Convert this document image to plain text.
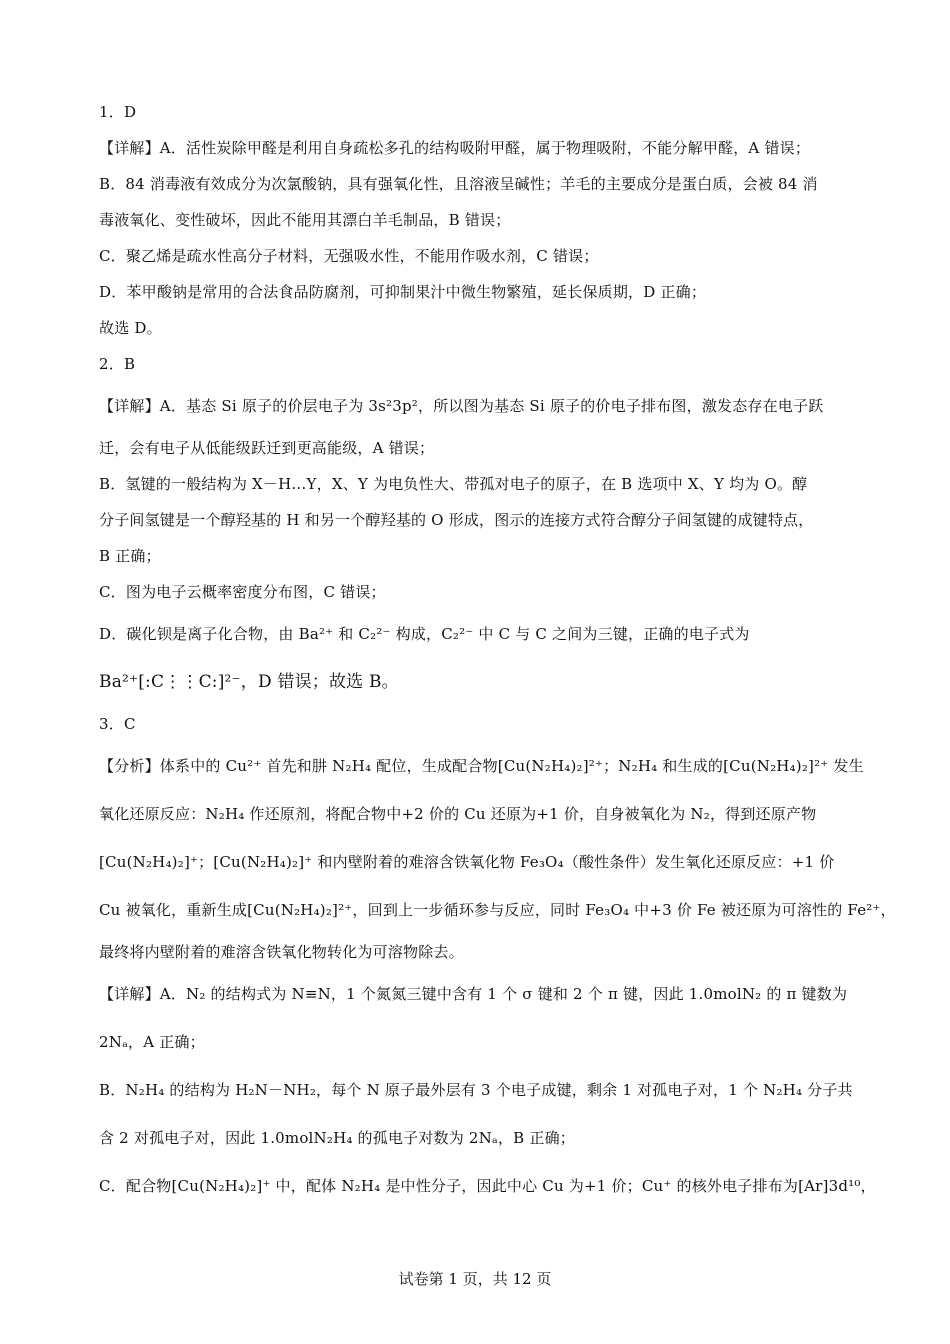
1．D
【详解】A．活性炭除甲醛是利用自身疏松多孔的结构吸附甲醛，属于物理吸附，不能分解甲醛，A 错误；
B．84 消毒液有效成分为次氯酸钠，具有强氧化性，且溶液呈碱性；羊毛的主要成分是蛋白质，会被 84 消
毒液氧化、变性破坏，因此不能用其漂白羊毛制品，B 错误；
C．聚乙烯是疏水性高分子材料，无强吸水性，不能用作吸水剂，C 错误；
D．苯甲酸钠是常用的合法食品防腐剂，可抑制果汁中微生物繁殖，延长保质期，D 正确；
故选 D。
2．B
【详解】A．基态 Si 原子的价层电子为 3s²3p²，所以图为基态 Si 原子的价电子排布图，激发态存在电子跃
迁，会有电子从低能级跃迁到更高能级，A 错误；
B．氢键的一般结构为 X－H…Y，X、Y 为电负性大、带孤对电子的原子，在 B 选项中 X、Y 均为 O。醇
分子间氢键是一个醇羟基的 H 和另一个醇羟基的 O 形成，图示的连接方式符合醇分子间氢键的成键特点，
B 正确；
C．图为电子云概率密度分布图，C 错误；
D．碳化钡是离子化合物，由 Ba²⁺ 和 C₂²⁻ 构成，C₂²⁻ 中 C 与 C 之间为三键，正确的电子式为
Ba²⁺[:C⋮⋮C:]²⁻，D 错误；故选 B。
3．C
【分析】体系中的 Cu²⁺ 首先和肼 N₂H₄ 配位，生成配合物[Cu(N₂H₄)₂]²⁺；N₂H₄ 和生成的[Cu(N₂H₄)₂]²⁺ 发生
氧化还原反应：N₂H₄ 作还原剂，将配合物中+2 价的 Cu 还原为+1 价，自身被氧化为 N₂，得到还原产物
[Cu(N₂H₄)₂]⁺；[Cu(N₂H₄)₂]⁺ 和内壁附着的难溶含铁氧化物 Fe₃O₄（酸性条件）发生氧化还原反应：+1 价
Cu 被氧化，重新生成[Cu(N₂H₄)₂]²⁺，回到上一步循环参与反应，同时 Fe₃O₄ 中+3 价 Fe 被还原为可溶性的 Fe²⁺，
最终将内壁附着的难溶含铁氧化物转化为可溶物除去。
【详解】A．N₂ 的结构式为 N≡N，1 个氮氮三键中含有 1 个 σ 键和 2 个 π 键，因此 1.0molN₂ 的 π 键数为
2Nₐ，A 正确；
B．N₂H₄ 的结构为 H₂N－NH₂，每个 N 原子最外层有 3 个电子成键，剩余 1 对孤电子对，1 个 N₂H₄ 分子共
含 2 对孤电子对，因此 1.0molN₂H₄ 的孤电子对数为 2Nₐ，B 正确；
C．配合物[Cu(N₂H₄)₂]⁺ 中，配体 N₂H₄ 是中性分子，因此中心 Cu 为+1 价；Cu⁺ 的核外电子排布为[Ar]3d¹⁰，
试卷第 1 页，共 12 页
